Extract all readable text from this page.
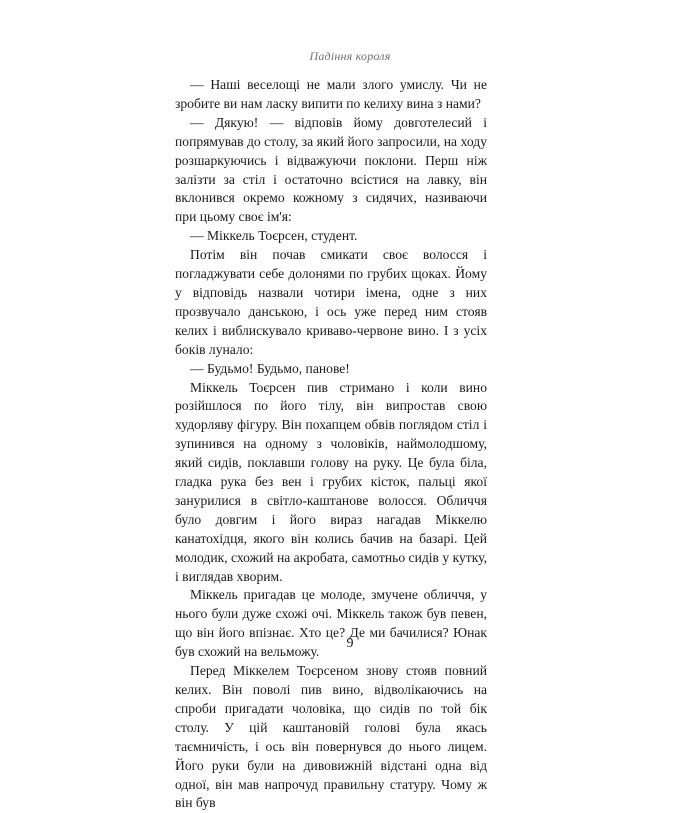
Падіння короля

— Наші веселощі не мали злого умислу. Чи не зробите ви нам ласку випити по келиху вина з нами?

— Дякую! — відповів йому довготелесий і попрямував до столу, за який його запросили, на ходу розшаркуючись і відважуючи поклони. Перш ніж залізти за стіл і остаточно всістися на лавку, він вклонився окремо кожному з сидячих, називаючи при цьому своє ім'я:

— Міккель Тоєрсен, студент.

Потім він почав смикати своє волосся і погладжувати себе долонями по грубих щоках. Йому у відповідь назвали чотири імена, одне з них прозвучало данською, і ось уже перед ним стояв келих і виблискувало криваво-червоне вино. І з усіх боків лунало:

— Будьмо! Будьмо, панове!

Міккель Тоєрсен пив стримано і коли вино розійшлося по його тілу, він випростав свою худорляву фігуру. Він похапцем обвів поглядом стіл і зупинився на одному з чоловіків, наймолодшому, який сидів, поклавши голову на руку. Це була біла, гладка рука без вен і грубих кісток, пальці якої занурилися в світло-каштанове волосся. Обличчя було довгим і його вираз нагадав Міккелю канатохідця, якого він колись бачив на базарі. Цей молодик, схожий на акробата, самотньо сидів у кутку, і виглядав хворим.

Міккель пригадав це молоде, змучене обличчя, у нього були дуже схожі очі. Міккель також був певен, що він його впізнає. Хто це? Де ми бачилися? Юнак був схожий на вельможу.

Перед Міккелем Тоєрсеном знову стояв повний келих. Він поволі пив вино, відволікаючись на спроби пригадати чоловіка, що сидів по той бік столу. У цій каштановій голові була якась таємничість, і ось він повернувся до нього лицем. Його руки були на дивовижній відстані одна від одної, він мав напрочуд правильну статуру. Чому ж він був

9
